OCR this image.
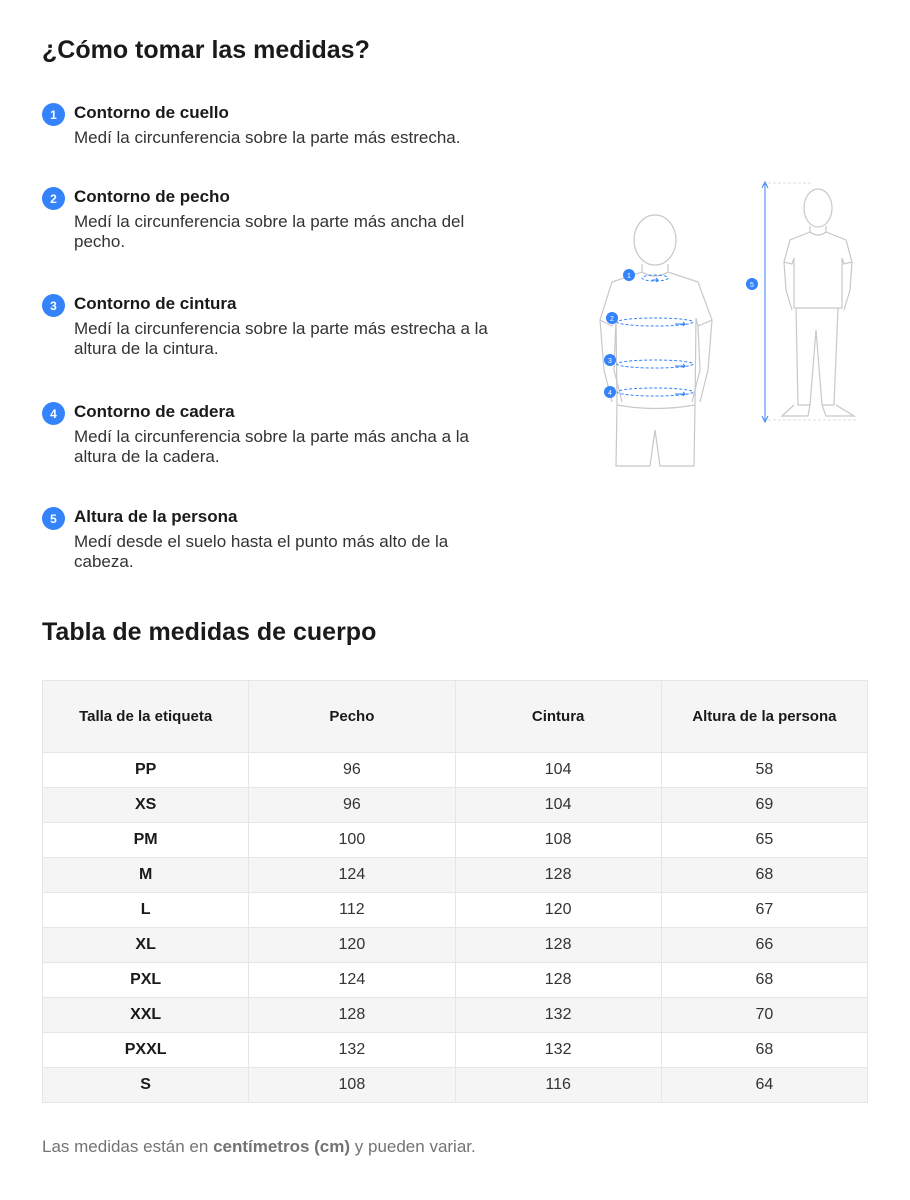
¿Cómo tomar las medidas?
1	Contorno de cuello
Medí la circunferencia sobre la parte más estrecha.
2	Contorno de pecho
Medí la circunferencia sobre la parte más ancha del pecho.
3	Contorno de cintura
Medí la circunferencia sobre la parte más estrecha a la altura de la cintura.
4	Contorno de cadera
Medí la circunferencia sobre la parte más ancha a la altura de la cadera.
5	Altura de la persona
Medí desde el suelo hasta el punto más alto de la cabeza.
1
2
3
4
5
Tabla de medidas de cuerpo
Talla de la etiqueta	Pecho	Cintura	Altura de la persona
PP	96	104	58
XS	96	104	69
PM	100	108	65
M	124	128	68
L	112	120	67
XL	120	128	66
PXL	124	128	68
XXL	128	132	70
PXXL	132	132	68
S	108	116	64

Las medidas están en centímetros (cm) y pueden variar.
